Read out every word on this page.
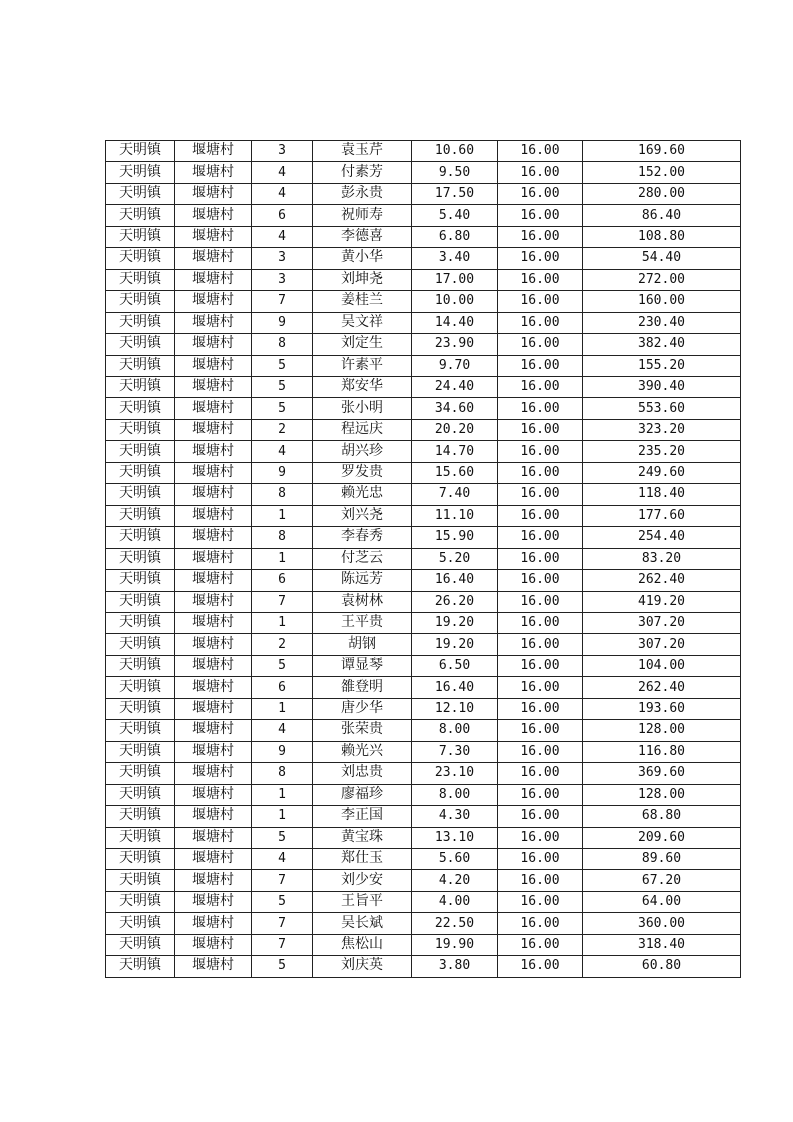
天明镇	堰塘村	3	袁玉芹	10.60	16.00	169.60
天明镇	堰塘村	4	付素芳	9.50	16.00	152.00
天明镇	堰塘村	4	彭永贵	17.50	16.00	280.00
天明镇	堰塘村	6	祝师寿	5.40	16.00	86.40
天明镇	堰塘村	4	李德喜	6.80	16.00	108.80
天明镇	堰塘村	3	黄小华	3.40	16.00	54.40
天明镇	堰塘村	3	刘坤尧	17.00	16.00	272.00
天明镇	堰塘村	7	姜桂兰	10.00	16.00	160.00
天明镇	堰塘村	9	吴文祥	14.40	16.00	230.40
天明镇	堰塘村	8	刘定生	23.90	16.00	382.40
天明镇	堰塘村	5	许素平	9.70	16.00	155.20
天明镇	堰塘村	5	郑安华	24.40	16.00	390.40
天明镇	堰塘村	5	张小明	34.60	16.00	553.60
天明镇	堰塘村	2	程远庆	20.20	16.00	323.20
天明镇	堰塘村	4	胡兴珍	14.70	16.00	235.20
天明镇	堰塘村	9	罗发贵	15.60	16.00	249.60
天明镇	堰塘村	8	赖光忠	7.40	16.00	118.40
天明镇	堰塘村	1	刘兴尧	11.10	16.00	177.60
天明镇	堰塘村	8	李春秀	15.90	16.00	254.40
天明镇	堰塘村	1	付芝云	5.20	16.00	83.20
天明镇	堰塘村	6	陈远芳	16.40	16.00	262.40
天明镇	堰塘村	7	袁树林	26.20	16.00	419.20
天明镇	堰塘村	1	王平贵	19.20	16.00	307.20
天明镇	堰塘村	2	胡钢	19.20	16.00	307.20
天明镇	堰塘村	5	谭显琴	6.50	16.00	104.00
天明镇	堰塘村	6	雒登明	16.40	16.00	262.40
天明镇	堰塘村	1	唐少华	12.10	16.00	193.60
天明镇	堰塘村	4	张荣贵	8.00	16.00	128.00
天明镇	堰塘村	9	赖光兴	7.30	16.00	116.80
天明镇	堰塘村	8	刘忠贵	23.10	16.00	369.60
天明镇	堰塘村	1	廖福珍	8.00	16.00	128.00
天明镇	堰塘村	1	李正国	4.30	16.00	68.80
天明镇	堰塘村	5	黄宝珠	13.10	16.00	209.60
天明镇	堰塘村	4	郑仕玉	5.60	16.00	89.60
天明镇	堰塘村	7	刘少安	4.20	16.00	67.20
天明镇	堰塘村	5	王旨平	4.00	16.00	64.00
天明镇	堰塘村	7	吴长斌	22.50	16.00	360.00
天明镇	堰塘村	7	焦松山	19.90	16.00	318.40
天明镇	堰塘村	5	刘庆英	3.80	16.00	60.80
